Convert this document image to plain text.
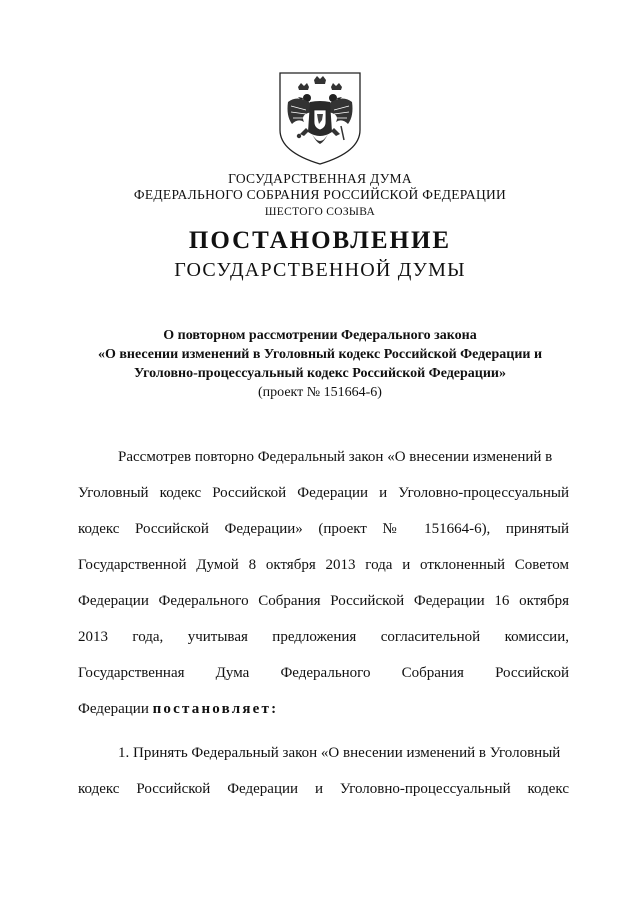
ГОСУДАРСТВЕННАЯ ДУМА
ФЕДЕРАЛЬНОГО СОБРАНИЯ РОССИЙСКОЙ ФЕДЕРАЦИИ
ШЕСТОГО СОЗЫВА
ПОСТАНОВЛЕНИЕ
ГОСУДАРСТВЕННОЙ ДУМЫ
О повторном рассмотрении Федерального закона
«О внесении изменений в Уголовный кодекс Российской Федерации и
Уголовно-процессуальный кодекс Российской Федерации»
(проект № 151664-6)
Рассмотрев повторно Федеральный закон «О внесении изменений в
Уголовный кодекс Российской Федерации и Уголовно-процессуальный
кодекс Российской Федерации» (проект № 151664-6), принятый
Государственной Думой 8 октября 2013 года и отклоненный Советом
Федерации Федерального Собрания Российской Федерации 16 октября
2013 года, учитывая предложения согласительной комиссии,
Государственная Дума Федерального Собрания Российской
Федерации постановляет:
1. Принять Федеральный закон «О внесении изменений в Уголовный
кодекс Российской Федерации и Уголовно-процессуальный кодекс
